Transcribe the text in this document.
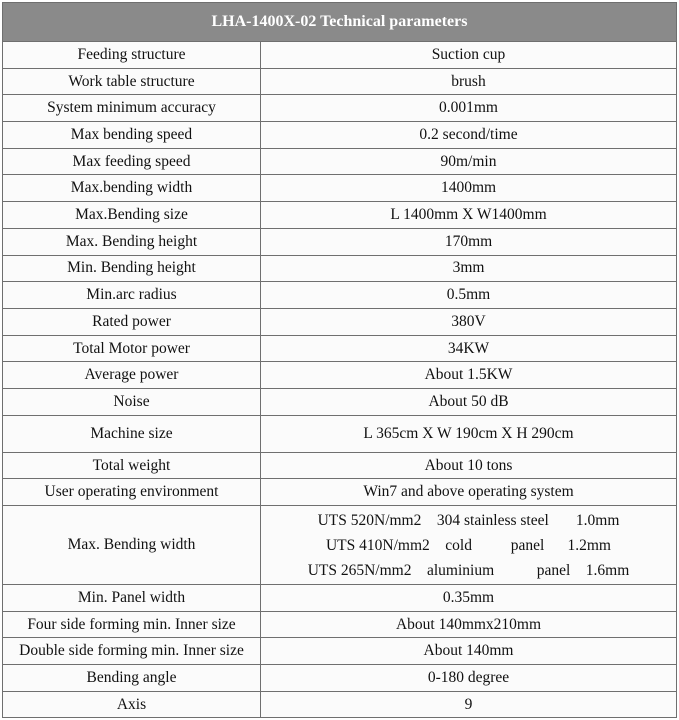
LHA-1400X-02 Technical parameters	
Feeding structure	Suction cup
Work table structure	brush
System minimum accuracy	0.001mm
Max bending speed	0.2 second/time
Max feeding speed	90m/min
Max.bending width	1400mm
Max.Bending size	L 1400mm X W1400mm
Max. Bending height	170mm
Min. Bending height	3mm
Min.arc radius	0.5mm
Rated power	380V
Total Motor power	34KW
Average power	About 1.5KW
Noise	About 50 dB
Machine size	L 365cm X W 190cm X H 290cm
Total weight	About 10 tons
User operating environment	Win7 and above operating system
Max. Bending width	UTS 520N/mm2    304 stainless steel       1.0mm
UTS 410N/mm2    cold          panel      1.2mm
UTS 265N/mm2    aluminium           panel    1.6mm

Min. Panel width	0.35mm
Four side forming min. Inner size	About 140mmx210mm
Double side forming min. Inner size	About 140mm
Bending angle	0-180 degree
Axis	9
